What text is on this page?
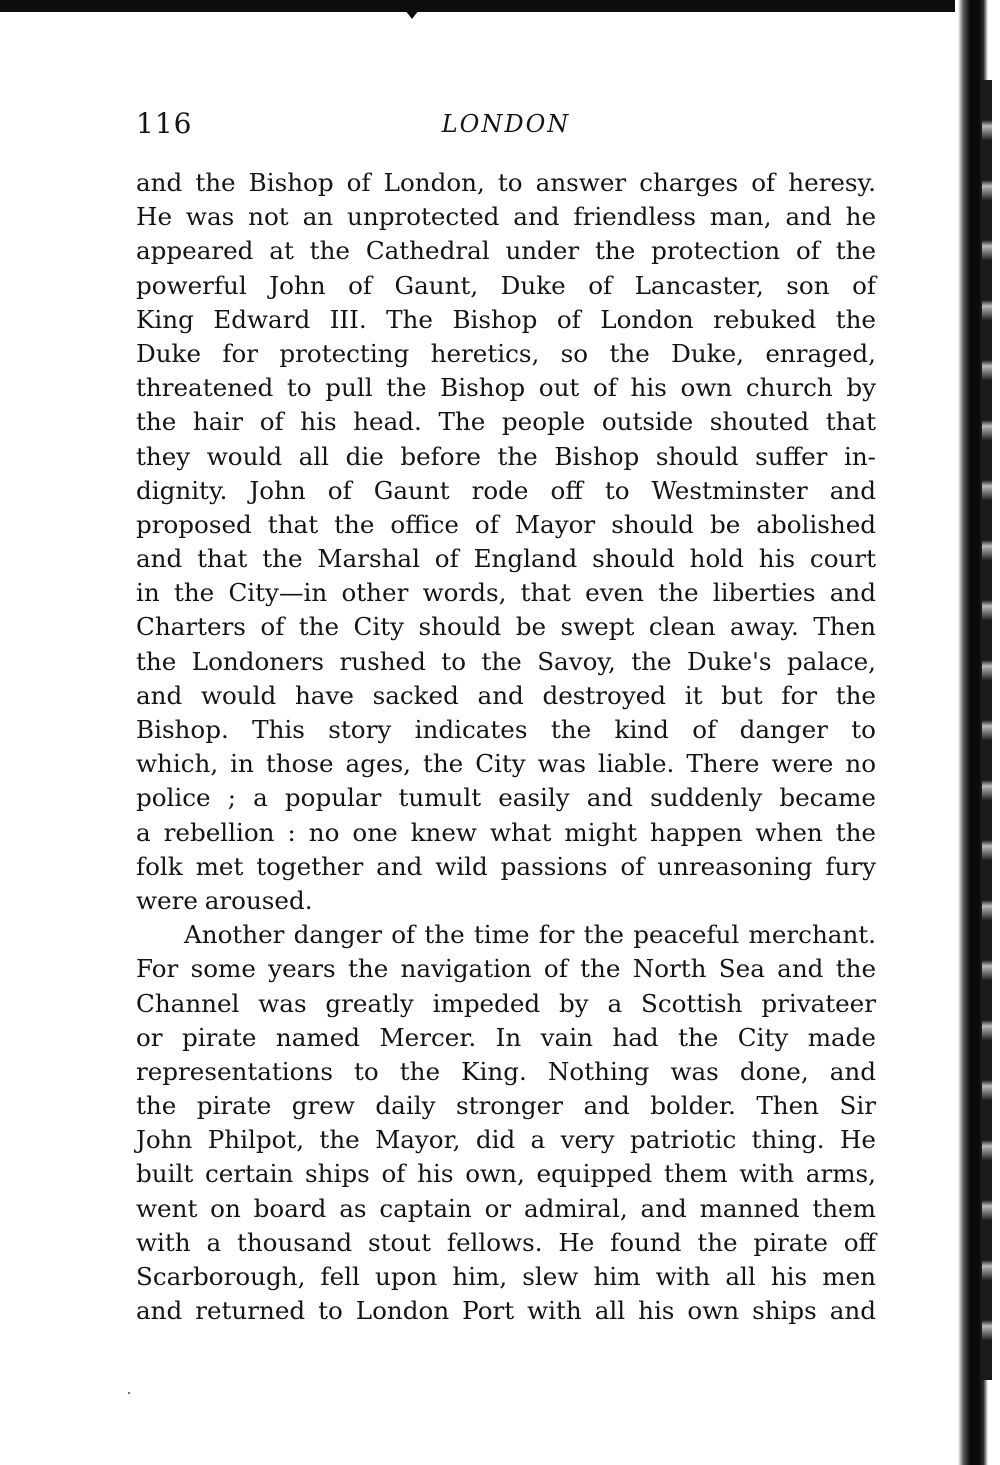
116	LONDON
and the Bishop of London, to answer charges of heresy.
He was not an unprotected and friendless man, and he
appeared at the Cathedral under the protection of the
powerful John of Gaunt, Duke of Lancaster, son of
King Edward III. The Bishop of London rebuked the
Duke for protecting heretics, so the Duke, enraged,
threatened to pull the Bishop out of his own church by
the hair of his head. The people outside shouted that
they would all die before the Bishop should suffer in-
dignity. John of Gaunt rode off to Westminster and
proposed that the office of Mayor should be abolished
and that the Marshal of England should hold his court
in the City—in other words, that even the liberties and
Charters of the City should be swept clean away. Then
the Londoners rushed to the Savoy, the Duke's palace,
and would have sacked and destroyed it but for the
Bishop. This story indicates the kind of danger to
which, in those ages, the City was liable. There were no
police ; a popular tumult easily and suddenly became
a rebellion : no one knew what might happen when the
folk met together and wild passions of unreasoning fury
were aroused.
Another danger of the time for the peaceful merchant.
For some years the navigation of the North Sea and the
Channel was greatly impeded by a Scottish privateer
or pirate named Mercer. In vain had the City made
representations to the King. Nothing was done, and
the pirate grew daily stronger and bolder. Then Sir
John Philpot, the Mayor, did a very patriotic thing. He
built certain ships of his own, equipped them with arms,
went on board as captain or admiral, and manned them
with a thousand stout fellows. He found the pirate off
Scarborough, fell upon him, slew him with all his men
and returned to London Port with all his own ships and
